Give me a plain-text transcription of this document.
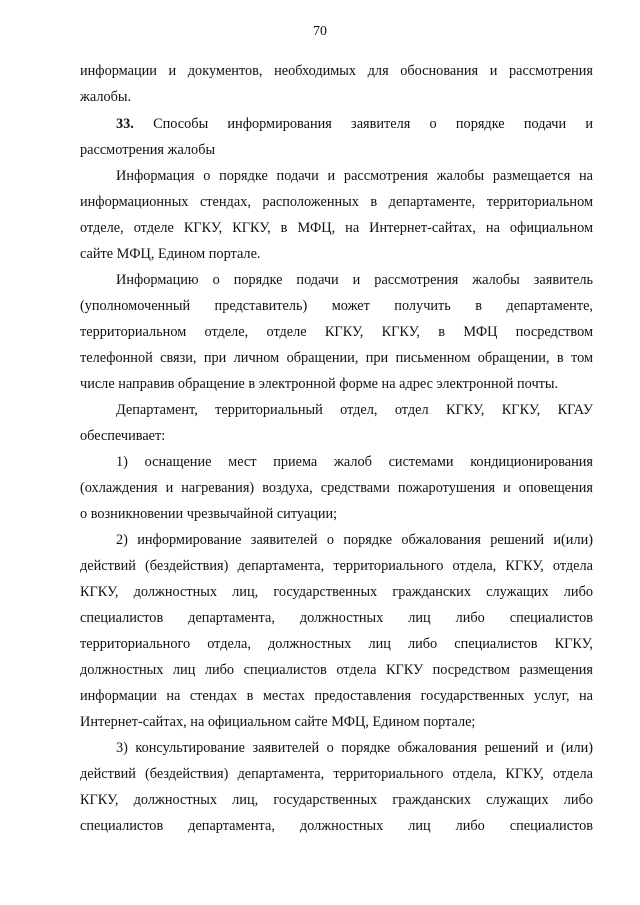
70
информации и документов, необходимых для обоснования и рассмотрения
жалобы.
33. Способы информирования заявителя о порядке подачи и
рассмотрения жалобы
Информация о порядке подачи и рассмотрения жалобы размещается на
информационных стендах, расположенных в департаменте, территориальном
отделе, отделе КГКУ, КГКУ, в МФЦ, на Интернет-сайтах, на официальном
сайте МФЦ, Едином портале.
Информацию о порядке подачи и рассмотрения жалобы заявитель
(уполномоченный представитель) может получить в департаменте,
территориальном отделе, отделе КГКУ, КГКУ, в МФЦ посредством
телефонной связи, при личном обращении, при письменном обращении, в том
числе направив обращение в электронной форме на адрес электронной почты.
Департамент, территориальный отдел, отдел КГКУ, КГКУ, КГАУ
обеспечивает:
1) оснащение мест приема жалоб системами кондиционирования
(охлаждения и нагревания) воздуха, средствами пожаротушения и оповещения
о возникновении чрезвычайной ситуации;
2) информирование заявителей о порядке обжалования решений и(или)
действий (бездействия) департамента, территориального отдела, КГКУ, отдела
КГКУ, должностных лиц, государственных гражданских служащих либо
специалистов департамента, должностных лиц либо специалистов
территориального отдела, должностных лиц либо специалистов КГКУ,
должностных лиц либо специалистов отдела КГКУ посредством размещения
информации на стендах в местах предоставления государственных услуг, на
Интернет-сайтах, на официальном сайте МФЦ, Едином портале;
3) консультирование заявителей о порядке обжалования решений и (или)
действий (бездействия) департамента, территориального отдела, КГКУ, отдела
КГКУ, должностных лиц, государственных гражданских служащих либо
специалистов департамента, должностных лиц либо специалистов
